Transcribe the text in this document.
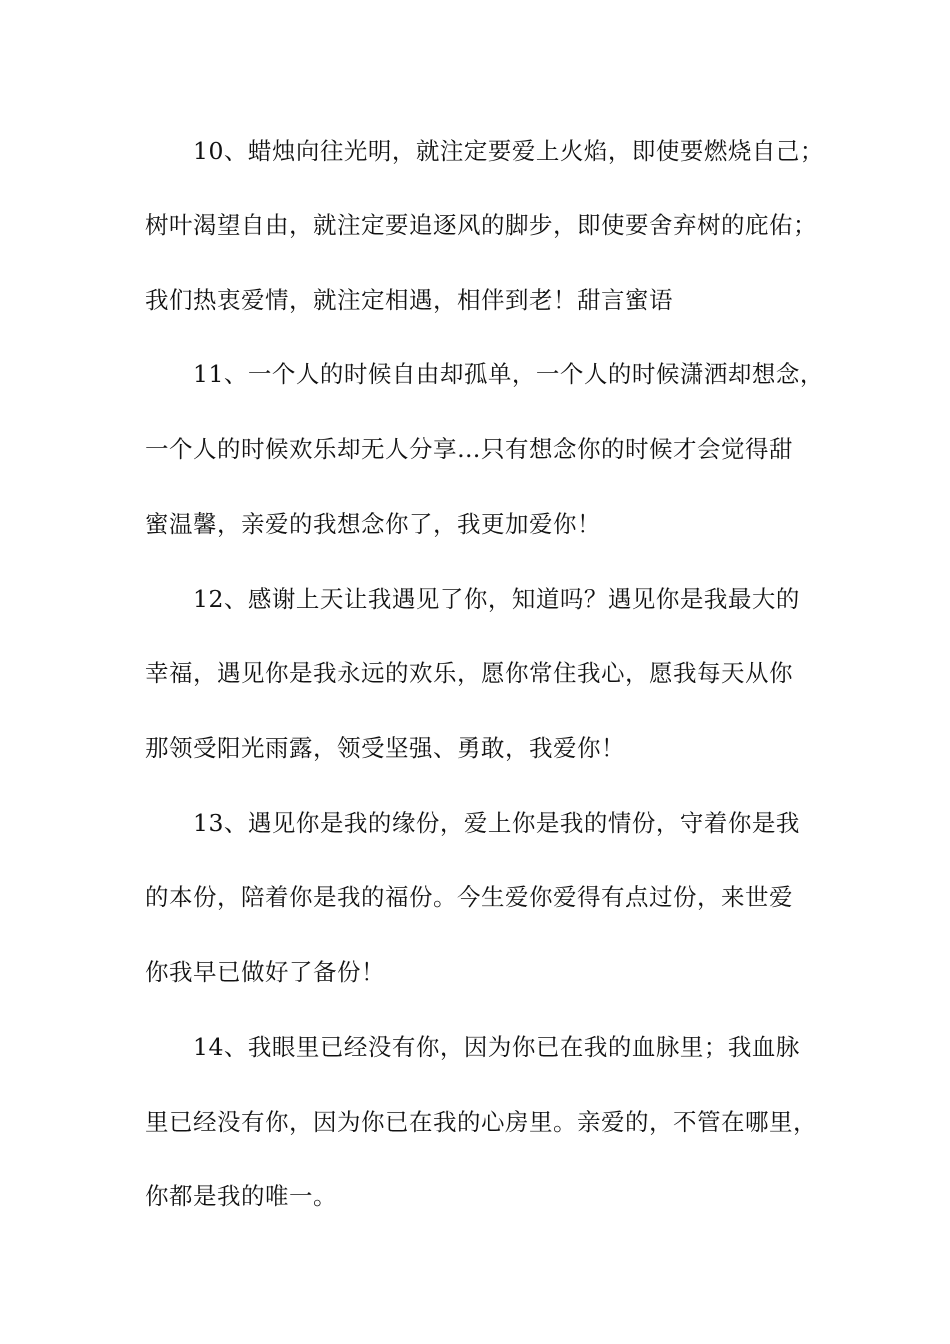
10、蜡烛向往光明，就注定要爱上火焰，即使要燃烧自己；
树叶渴望自由，就注定要追逐风的脚步，即使要舍弃树的庇佑；
我们热衷爱情，就注定相遇，相伴到老！甜言蜜语
11、一个人的时候自由却孤单，一个人的时候潇洒却想念，
一个人的时候欢乐却无人分享…只有想念你的时候才会觉得甜
蜜温馨，亲爱的我想念你了，我更加爱你！
12、感谢上天让我遇见了你，知道吗？遇见你是我最大的
幸福，遇见你是我永远的欢乐，愿你常住我心，愿我每天从你
那领受阳光雨露，领受坚强、勇敢，我爱你！
13、遇见你是我的缘份，爱上你是我的情份，守着你是我
的本份，陪着你是我的福份。今生爱你爱得有点过份，来世爱
你我早已做好了备份！
14、我眼里已经没有你，因为你已在我的血脉里；我血脉
里已经没有你，因为你已在我的心房里。亲爱的，不管在哪里，
你都是我的唯一。
